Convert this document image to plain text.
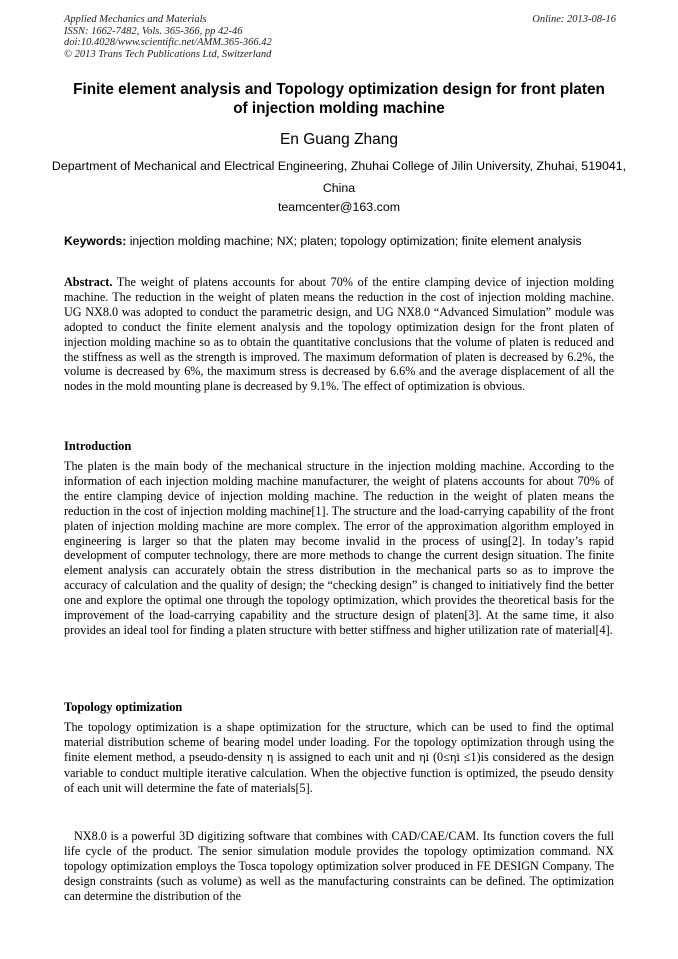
Applied Mechanics and Materials
ISSN: 1662-7482, Vols. 365-366, pp 42-46
doi:10.4028/www.scientific.net/AMM.365-366.42
© 2013 Trans Tech Publications Ltd, Switzerland
Online: 2013-08-16
Finite element analysis and Topology optimization design for front platen of injection molding machine
En Guang Zhang
Department of Mechanical and Electrical Engineering, Zhuhai College of Jilin University, Zhuhai, 519041, China
teamcenter@163.com
Keywords: injection molding machine; NX; platen; topology optimization; finite element analysis
Abstract. The weight of platens accounts for about 70% of the entire clamping device of injection molding machine. The reduction in the weight of platen means the reduction in the cost of injection molding machine. UG NX8.0 was adopted to conduct the parametric design, and UG NX8.0 “Advanced Simulation” module was adopted to conduct the finite element analysis and the topology optimization design for the front platen of injection molding machine so as to obtain the quantitative conclusions that the volume of platen is reduced and the stiffness as well as the strength is improved. The maximum deformation of platen is decreased by 6.2%, the volume is decreased by 6%, the maximum stress is decreased by 6.6% and the average displacement of all the nodes in the mold mounting plane is decreased by 9.1%. The effect of optimization is obvious.
Introduction
The platen is the main body of the mechanical structure in the injection molding machine. According to the information of each injection molding machine manufacturer, the weight of platens accounts for about 70% of the entire clamping device of injection molding machine. The reduction in the weight of platen means the reduction in the cost of injection molding machine[1]. The structure and the load-carrying capability of the front platen of injection molding machine are more complex. The error of the approximation algorithm employed in engineering is larger so that the platen may become invalid in the process of using[2]. In today’s rapid development of computer technology, there are more methods to change the current design situation. The finite element analysis can accurately obtain the stress distribution in the mechanical parts so as to improve the accuracy of calculation and the quality of design; the “checking design” is changed to initiatively find the better one and explore the optimal one through the topology optimization, which provides the theoretical basis for the improvement of the load-carrying capability and the structure design of platen[3]. At the same time, it also provides an ideal tool for finding a platen structure with better stiffness and higher utilization rate of material[4].
Topology optimization
The topology optimization is a shape optimization for the structure, which can be used to find the optimal material distribution scheme of bearing model under loading. For the topology optimization through using the finite element method, a pseudo-density η is assigned to each unit and ηi (0≤ηi ≤1)is considered as the design variable to conduct multiple iterative calculation. When the objective function is optimized, the pseudo density of each unit will determine the fate of materials[5].
NX8.0 is a powerful 3D digitizing software that combines with CAD/CAE/CAM. Its function covers the full life cycle of the product. The senior simulation module provides the topology optimization command. NX topology optimization employs the Tosca topology optimization solver produced in FE DESIGN Company. The design constraints (such as volume) as well as the manufacturing constraints can be defined. The optimization can determine the distribution of the
